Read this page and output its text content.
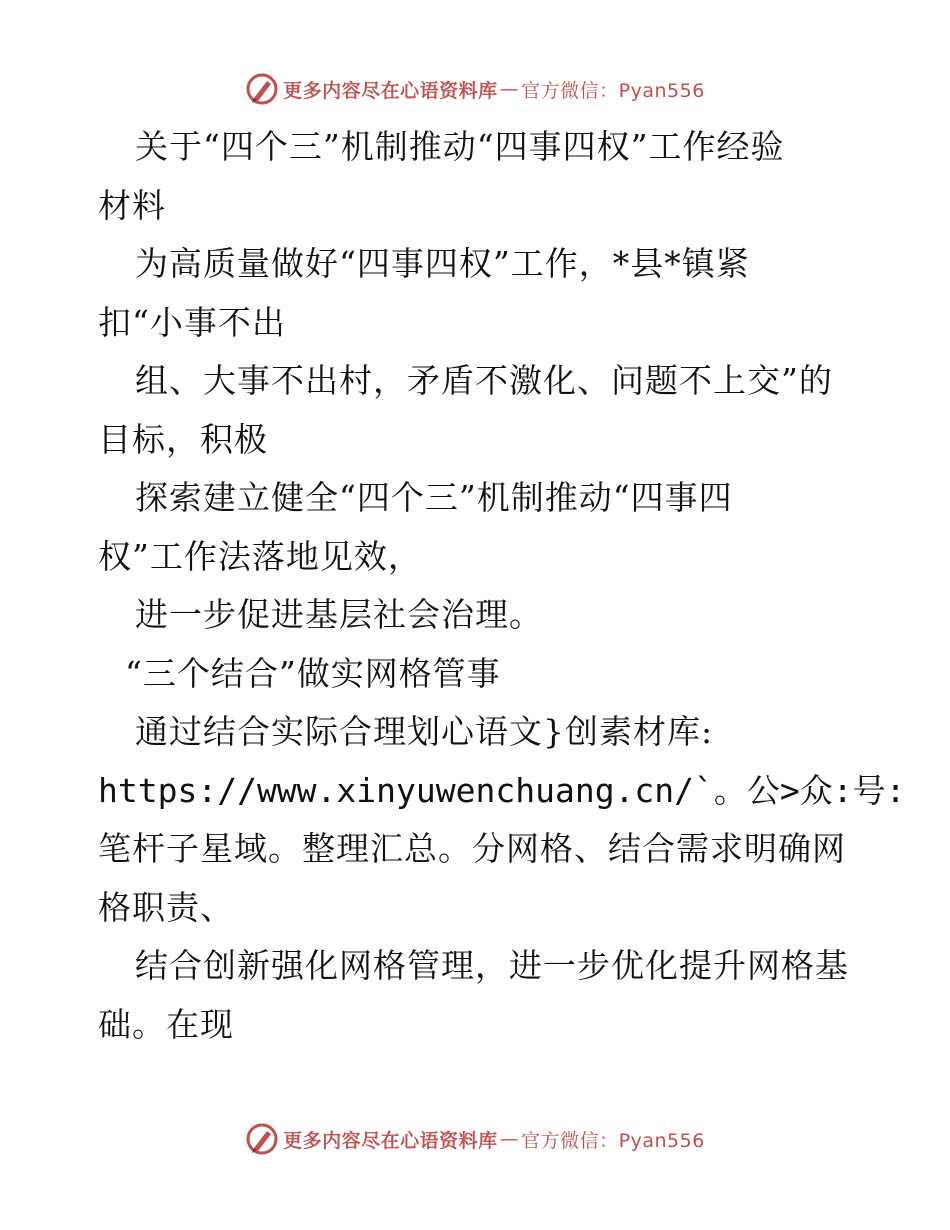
更多内容尽在心语资料库 — 官方微信：Pyan556
关于“四个三”机制推动“四事四权”工作经验
材料
为高质量做好“四事四权”工作，*县*镇紧
扣“小事不出
组、大事不出村，矛盾不激化、问题不上交”的
目标，积极
探索建立健全“四个三”机制推动“四事四
权”工作法落地见效，
进一步促进基层社会治理。
“三个结合”做实网格管事
通过结合实际合理划心语文}创素材库:
https://www.xinyuwenchuang.cn/`。公>众:号:
笔杆子星域。整理汇总。分网格、结合需求明确网
格职责、
结合创新强化网格管理，进一步优化提升网格基
础。在现
更多内容尽在心语资料库 — 官方微信：Pyan556
